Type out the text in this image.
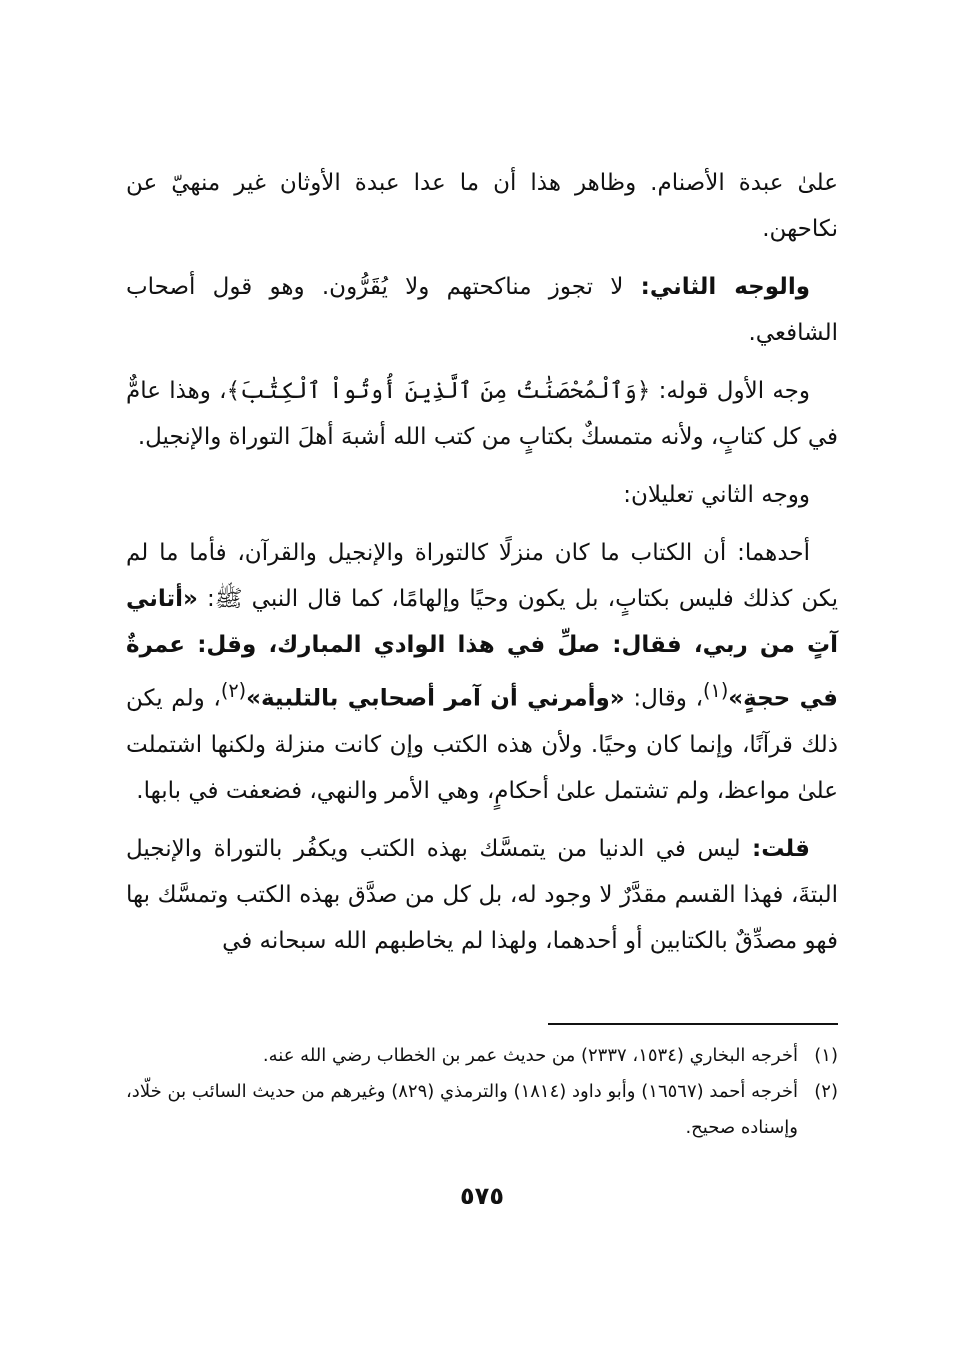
علىٰ عبدة الأصنام. وظاهر هذا أن ما عدا عبدة الأوثان غير منهيّ عن نكاحهن.

والوجه الثاني: لا تجوز مناكحتهم ولا يُقَرُّون. وهو قول أصحاب الشافعي.

وجه الأول قوله: ﴿وَٱلْمُحْصَنَٰتُ مِنَ ٱلَّذِينَ أُوتُواْ ٱلْكِتَٰبَ﴾، وهذا عامٌّ في كل كتابٍ، ولأنه متمسكٌ بكتابٍ من كتب الله أشبهَ أهلَ التوراة والإنجيل.

ووجه الثاني تعليلان:

أحدهما: أن الكتاب ما كان منزلًا كالتوراة والإنجيل والقرآن، فأما ما لم يكن كذلك فليس بكتابٍ، بل يكون وحيًا وإلهامًا، كما قال النبي ﷺ: «أتاني آتٍ من ربي، فقال: صلِّ في هذا الوادي المبارك، وقل: عمرةٌ في حجةٍ»$^{(١)}$، وقال: «وأمرني أن آمر أصحابي بالتلبية»$^{(٢)}$، ولم يكن ذلك قرآنًا، وإنما كان وحيًا. ولأن هذه الكتب وإن كانت منزلة ولكنها اشتملت علىٰ مواعظ، ولم تشتمل علىٰ أحكامٍ، وهي الأمر والنهي، فضعفت في بابها.

قلت: ليس في الدنيا من يتمسَّك بهذه الكتب ويكفُر بالتوراة والإنجيل البتةَ، فهذا القسم مقدَّرٌ لا وجود له، بل كل من صدَّق بهذه الكتب وتمسَّك بها فهو مصدِّقٌ بالكتابين أو أحدهما، ولهذا لم يخاطبهم الله سبحانه في

(١)
أخرجه البخاري (١٥٣٤، ٢٣٣٧) من حديث عمر بن الخطاب رضي الله عنه.
(٢)
أخرجه أحمد (١٦٥٦٧) وأبو داود (١٨١٤) والترمذي (٨٢٩) وغيرهم من حديث السائب بن خلّاد، وإسناده صحيح.
٥٧٥
